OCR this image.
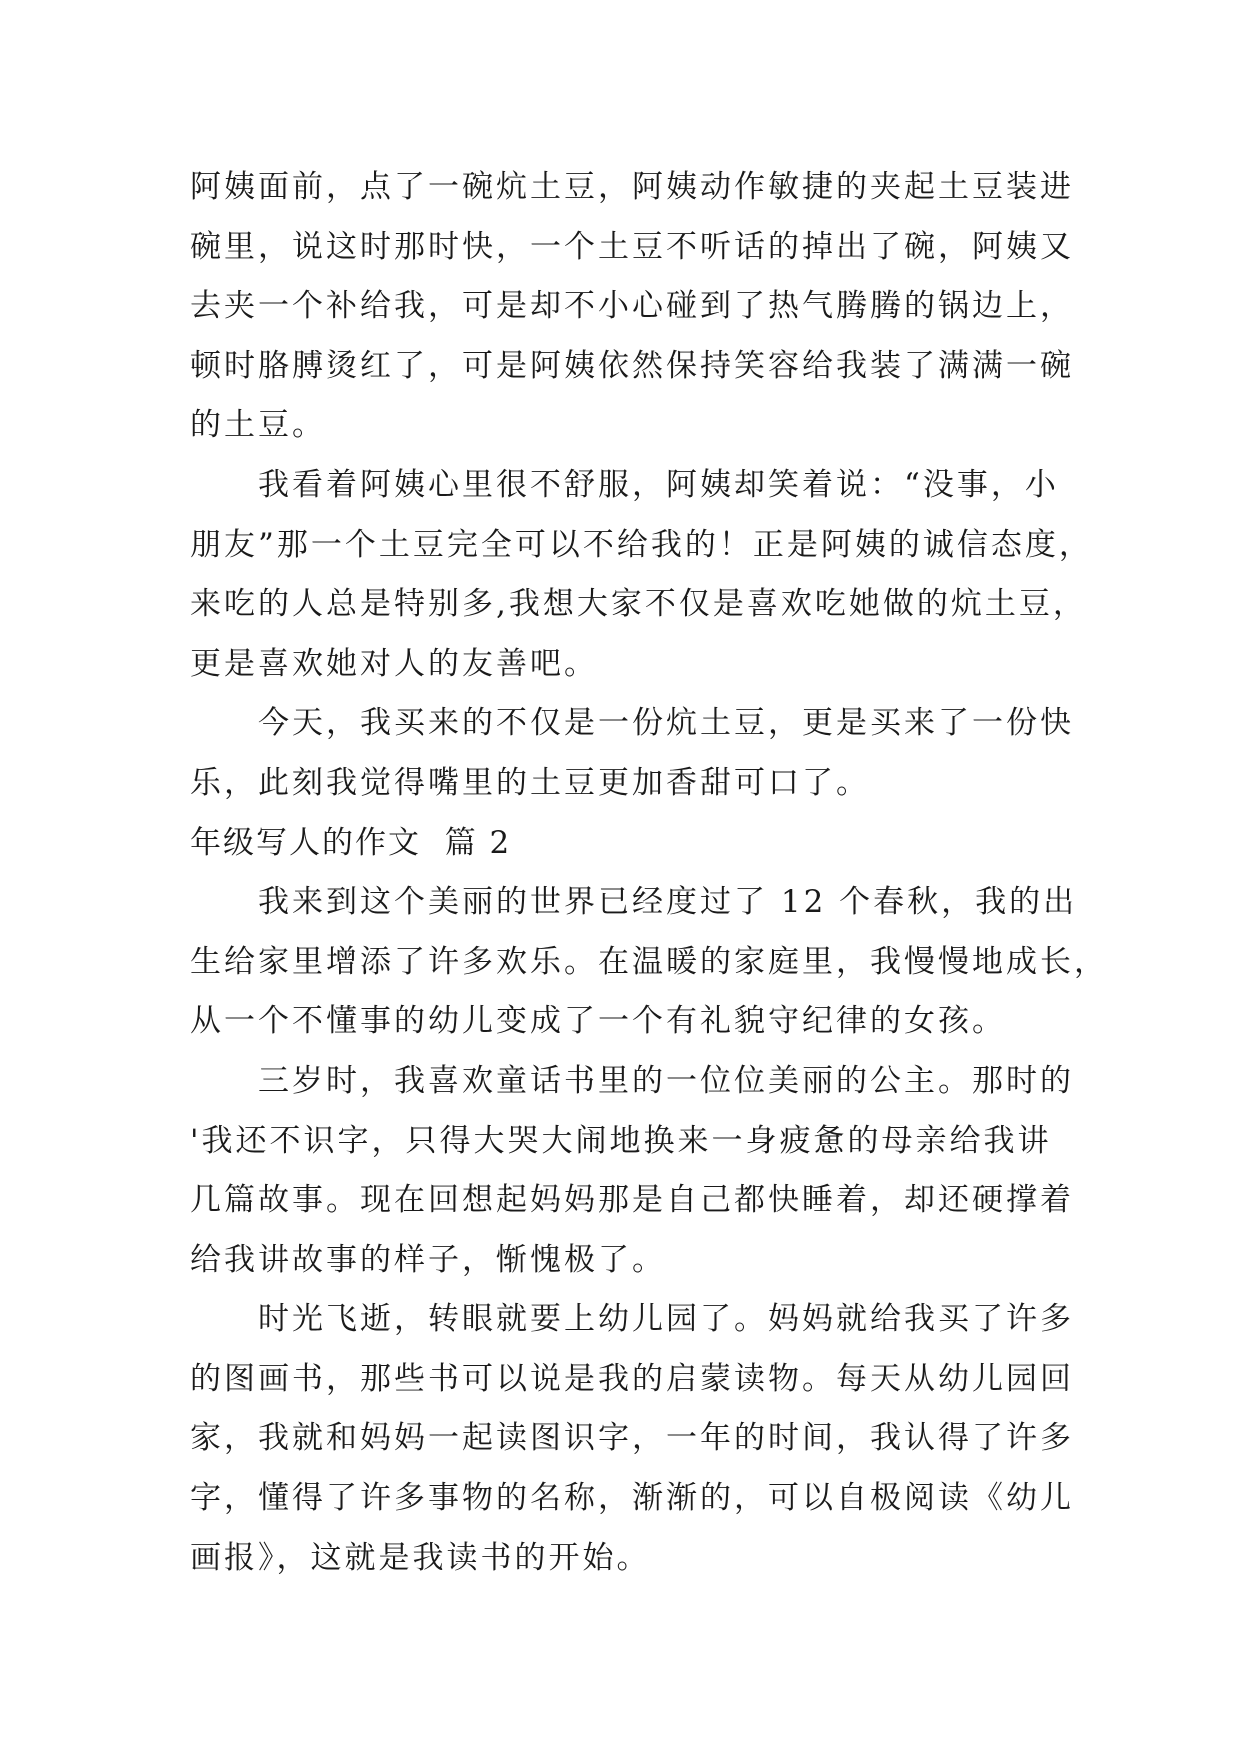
阿姨面前，点了一碗炕土豆，阿姨动作敏捷的夹起土豆装进
碗里，说这时那时快，一个土豆不听话的掉出了碗，阿姨又
去夹一个补给我，可是却不小心碰到了热气腾腾的锅边上，
顿时胳膊烫红了，可是阿姨依然保持笑容给我装了满满一碗
的土豆。

我看着阿姨心里很不舒服，阿姨却笑着说：“没事，小
朋友”那一个土豆完全可以不给我的！正是阿姨的诚信态度，
来吃的人总是特别多,我想大家不仅是喜欢吃她做的炕土豆，
更是喜欢她对人的友善吧。

今天，我买来的不仅是一份炕土豆，更是买来了一份快
乐，此刻我觉得嘴里的土豆更加香甜可口了。

年级写人的作文  篇 2

我来到这个美丽的世界已经度过了 12 个春秋，我的出
生给家里增添了许多欢乐。在温暖的家庭里，我慢慢地成长，
从一个不懂事的幼儿变成了一个有礼貌守纪律的女孩。

三岁时，我喜欢童话书里的一位位美丽的公主。那时的
'我还不识字，只得大哭大闹地换来一身疲惫的母亲给我讲
几篇故事。现在回想起妈妈那是自己都快睡着，却还硬撑着
给我讲故事的样子，惭愧极了。

时光飞逝，转眼就要上幼儿园了。妈妈就给我买了许多
的图画书，那些书可以说是我的启蒙读物。每天从幼儿园回
家，我就和妈妈一起读图识字，一年的时间，我认得了许多
字，懂得了许多事物的名称，渐渐的，可以自极阅读《幼儿
画报》，这就是我读书的开始。
